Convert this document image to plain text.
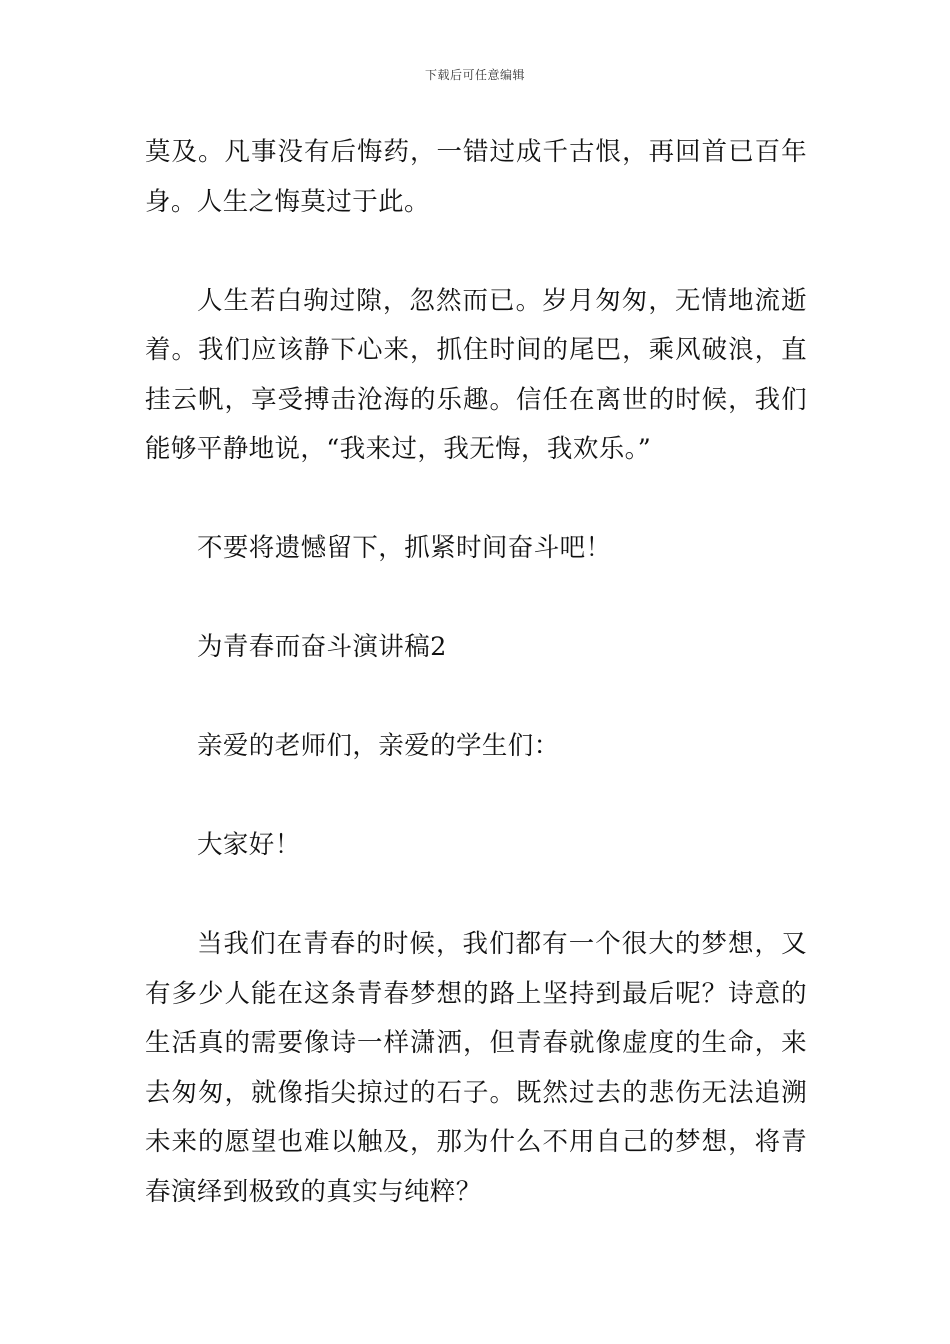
下载后可任意编辑

莫及。凡事没有后悔药，一错过成千古恨，再回首已百年身。人生之悔莫过于此。

人生若白驹过隙，忽然而已。岁月匆匆，无情地流逝着。我们应该静下心来，抓住时间的尾巴，乘风破浪，直挂云帆，享受搏击沧海的乐趣。信任在离世的时候，我们能够平静地说，“我来过，我无悔，我欢乐。”

不要将遗憾留下，抓紧时间奋斗吧！

为青春而奋斗演讲稿2

亲爱的老师们，亲爱的学生们：

大家好！

当我们在青春的时候，我们都有一个很大的梦想，又有多少人能在这条青春梦想的路上坚持到最后呢？诗意的生活真的需要像诗一样潇洒，但青春就像虚度的生命，来去匆匆，就像指尖掠过的石子。既然过去的悲伤无法追溯未来的愿望也难以触及，那为什么不用自己的梦想，将青春演绎到极致的真实与纯粹？
